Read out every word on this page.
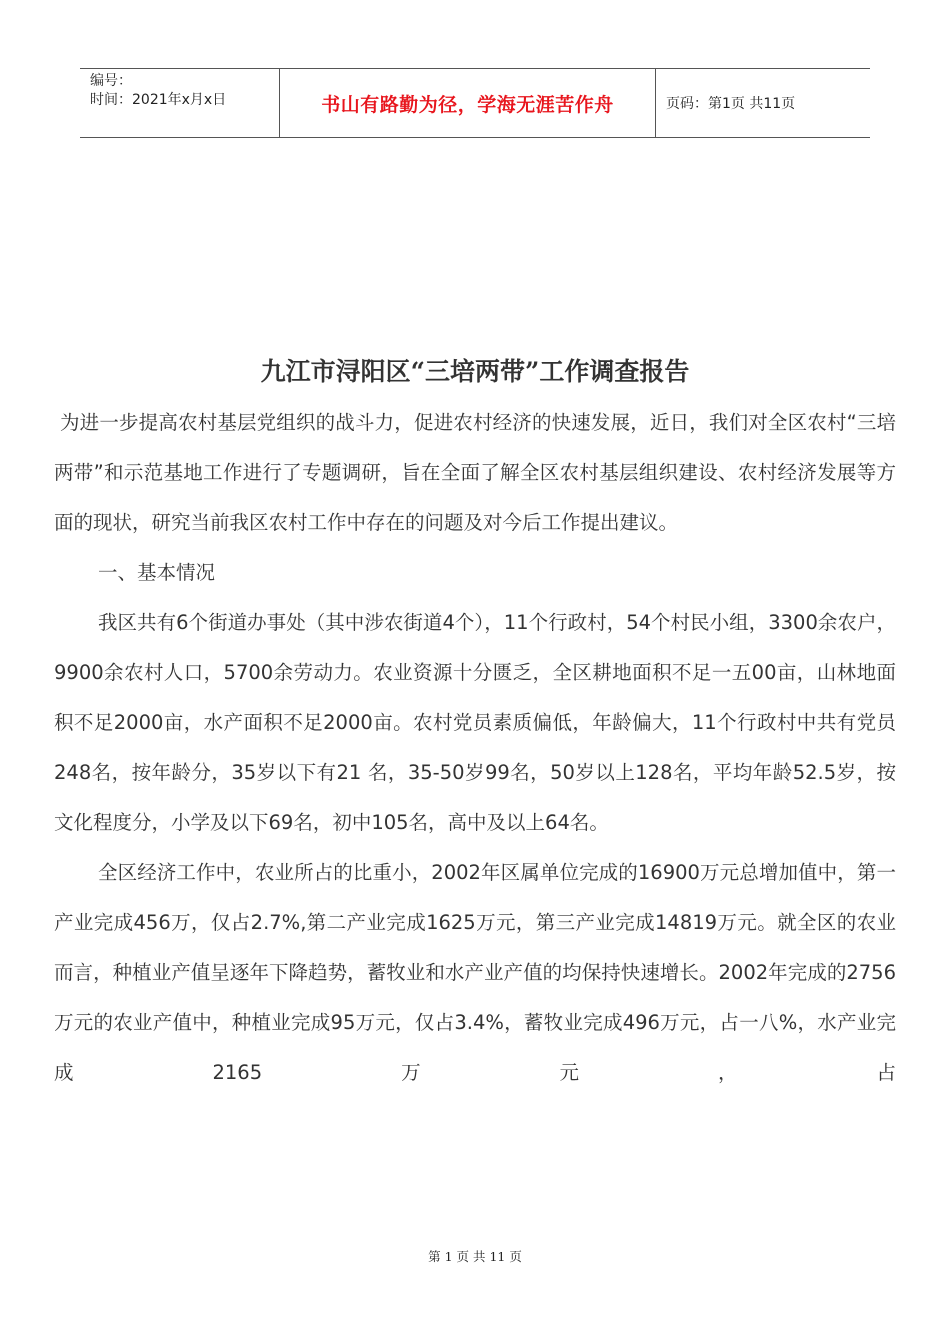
编号：
时间：2021年x月x日	书山有路勤为径，学海无涯苦作舟	页码：第1页 共11页
九江市浔阳区“三培两带”工作调查报告

为进一步提高农村基层党组织的战斗力，促进农村经济的快速发展，近日，我们对全区农村“三培两带”和示范基地工作进行了专题调研，旨在全面了解全区农村基层组织建设、农村经济发展等方面的现状，研究当前我区农村工作中存在的问题及对今后工作提出建议。

一、基本情况

我区共有6个街道办事处（其中涉农街道4个），11个行政村，54个村民小组，3300余农户，9900余农村人口，5700余劳动力。农业资源十分匮乏，全区耕地面积不足一五00亩，山林地面积不足2000亩，水产面积不足2000亩。农村党员素质偏低，年龄偏大，11个行政村中共有党员248名，按年龄分，35岁以下有21 名，35-50岁99名，50岁以上128名，平均年龄52.5岁，按文化程度分，小学及以下69名，初中105名，高中及以上64名。

全区经济工作中，农业所占的比重小，2002年区属单位完成的16900万元总增加值中，第一产业完成456万，仅占2.7%,第二产业完成1625万元，第三产业完成14819万元。就全区的农业而言，种植业产值呈逐年下降趋势，蓄牧业和水产业产值的均保持快速增长。2002年完成的2756万元的农业产值中，种植业完成95万元，仅占3.4%，蓄牧业完成496万元，占一八%，水产业完成2165万元，占

第 1 页 共 11 页
